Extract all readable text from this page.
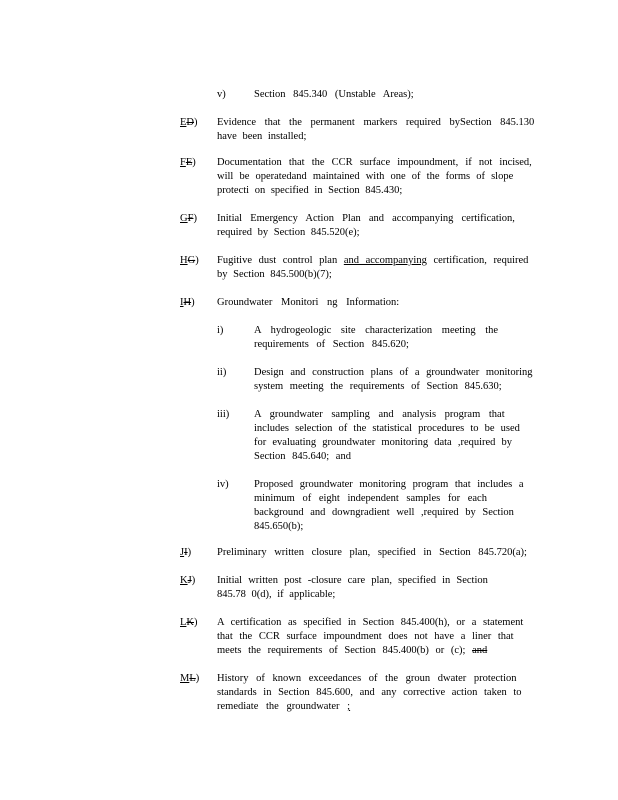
v)	Section 845.340 (Unstable Areas);
ED) Evidence that the permanent markers required bySection 845.130
have been installed;
FE) Documentation that the CCR surface impoundment, if not incised,
will be operatedand maintained with one of the forms of slope
protecti on specified in Section 845.430;
GF) Initial Emergency Action Plan and accompanying certification,
required by Section 845.520(e);
HG) Fugitive dust control plan and accompanying certification, required
by Section 845.500(b)(7);
IH) Groundwater Monitori ng Information:
i)	A hydrogeologic site characterization meeting the
requirements of Section 845.620;
ii)	Design and construction plans of a groundwater monitoring
system meeting the requirements of Section 845.630;
iii) A groundwater sampling and analysis program that
includes selection of the statistical procedures to be used
for evaluating groundwater monitoring data ,required by
Section 845.640; and
iv) Proposed groundwater monitoring program that includes a
minimum of eight independent samples for each
background and downgradient well ,required by Section
845.650(b);
JI) Preliminary written closure plan, specified in Section 845.720(a);
KJ) Initial written post -closure care plan, specified in Section
845.78 0(d), if applicable;
LK) A certification as specified in Section 845.400(h), or a statement
that the CCR surface impoundment does not have a liner that
meets the requirements of Section 845.400(b) or (c); and
ML) History of known exceedances of the groun dwater protection
standards in Section 845.600, and any corrective action taken to
remediate the groundwater ;
